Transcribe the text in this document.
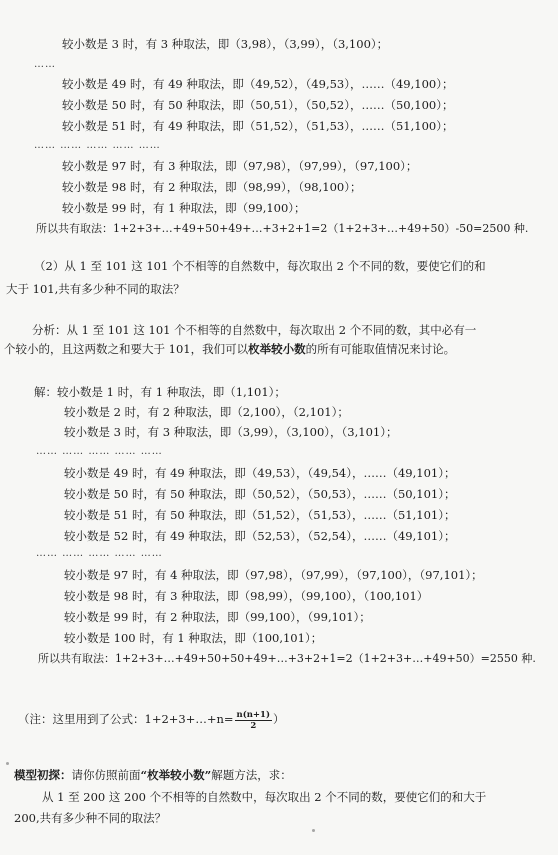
较小数是 3 时，有 3 种取法，即（3,98），（3,99），（3,100）；
……
较小数是 49 时，有 49 种取法，即（49,52），（49,53），……（49,100）；
较小数是 50 时，有 50 种取法，即（50,51），（50,52），……（50,100）；
较小数是 51 时，有 49 种取法，即（51,52），（51,53），……（51,100）；
…… …… …… …… ……
较小数是 97 时，有 3 种取法，即（97,98），（97,99），（97,100）；
较小数是 98 时，有 2 种取法，即（98,99），（98,100）；
较小数是 99 时，有 1 种取法，即（99,100）；
所以共有取法：1+2+3+…+49+50+49+…+3+2+1=2（1+2+3+…+49+50）-50=2500 种.
（2）从 1 至 101 这 101 个不相等的自然数中，每次取出 2 个不同的数，要使它们的和
大于 101,共有多少种不同的取法？
分析：从 1 至 101 这 101 个不相等的自然数中，每次取出 2 个不同的数，其中必有一
个较小的，且这两数之和要大于 101，我们可以枚举较小数的所有可能取值情况来讨论。
解：较小数是 1 时，有 1 种取法，即（1,101）；
较小数是 2 时，有 2 种取法，即（2,100），（2,101）；
较小数是 3 时，有 3 种取法，即（3,99），（3,100），（3,101）；
…… …… …… …… ……
较小数是 49 时，有 49 种取法，即（49,53），（49,54），……（49,101）；
较小数是 50 时，有 50 种取法，即（50,52），（50,53），……（50,101）；
较小数是 51 时，有 50 种取法，即（51,52），（51,53），……（51,101）；
较小数是 52 时，有 49 种取法，即（52,53），（52,54），……（49,101）；
…… …… …… …… ……
较小数是 97 时，有 4 种取法，即（97,98），（97,99），（97,100），（97,101）；
较小数是 98 时，有 3 种取法，即（98,99），（99,100），（100,101）
较小数是 99 时，有 2 种取法，即（99,100），（99,101）；
较小数是 100 时，有 1 种取法，即（100,101）；
所以共有取法：1+2+3+…+49+50+50+49+…+3+2+1=2（1+2+3+…+49+50）=2550 种.
（注：这里用到了公式：1+2+3+…+n= $\frac{n(n+1)}{2}$ ）
模型初探：请你仿照前面“枚举较小数”解题方法，求：
从 1 至 200 这 200 个不相等的自然数中，每次取出 2 个不同的数，要使它们的和大于
200,共有多少种不同的取法？
